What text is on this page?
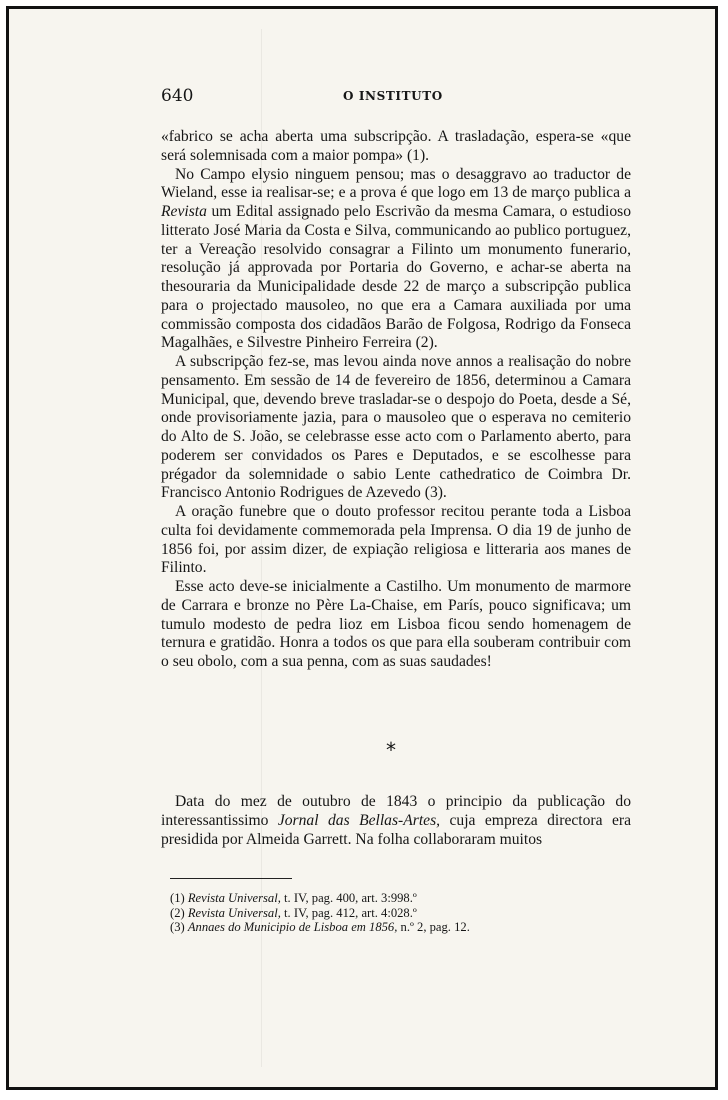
640	O INSTITUTO

«fabrico se acha aberta uma subscripção. A trasladação, espera-se «que será solemnisada com a maior pompa» (1).

No Campo elysio ninguem pensou; mas o desaggravo ao traductor de Wieland, esse ia realisar-se; e a prova é que logo em 13 de março publica a Revista um Edital assignado pelo Escrivão da mesma Camara, o estudioso litterato José Maria da Costa e Silva, communicando ao publico portuguez, ter a Vereação resolvido consagrar a Filinto um monumento funerario, resolução já approvada por Portaria do Governo, e achar-se aberta na thesouraria da Municipalidade desde 22 de março a subscripção publica para o projectado mausoleo, no que era a Camara auxiliada por uma commissão composta dos cidadãos Barão de Folgosa, Rodrigo da Fonseca Magalhães, e Silvestre Pinheiro Ferreira (2).

A subscripção fez-se, mas levou ainda nove annos a realisação do nobre pensamento. Em sessão de 14 de fevereiro de 1856, determinou a Camara Municipal, que, devendo breve trasladar-se o despojo do Poeta, desde a Sé, onde provisoriamente jazia, para o mausoleo que o esperava no cemiterio do Alto de S. João, se celebrasse esse acto com o Parlamento aberto, para poderem ser convidados os Pares e Deputados, e se escolhesse para prégador da solemnidade o sabio Lente cathedratico de Coimbra Dr. Francisco Antonio Rodrigues de Azevedo (3).

A oração funebre que o douto professor recitou perante toda a Lisboa culta foi devidamente commemorada pela Imprensa. O dia 19 de junho de 1856 foi, por assim dizer, de expiação religiosa e litteraria aos manes de Filinto.

Esse acto deve-se inicialmente a Castilho. Um monumento de marmore de Carrara e bronze no Père La-Chaise, em París, pouco significava; um tumulo modesto de pedra lioz em Lisboa ficou sendo homenagem de ternura e gratidão. Honra a todos os que para ella souberam contribuir com o seu obolo, com a sua penna, com as suas saudades!

*

Data do mez de outubro de 1843 o principio da publicação do interessantissimo Jornal das Bellas-Artes, cuja empreza directora era presidida por Almeida Garrett. Na folha collaboraram muitos

(1) Revista Universal, t. IV, pag. 400, art. 3:998.º
(2) Revista Universal, t. IV, pag. 412, art. 4:028.º
(3) Annaes do Municipio de Lisboa em 1856, n.º 2, pag. 12.
